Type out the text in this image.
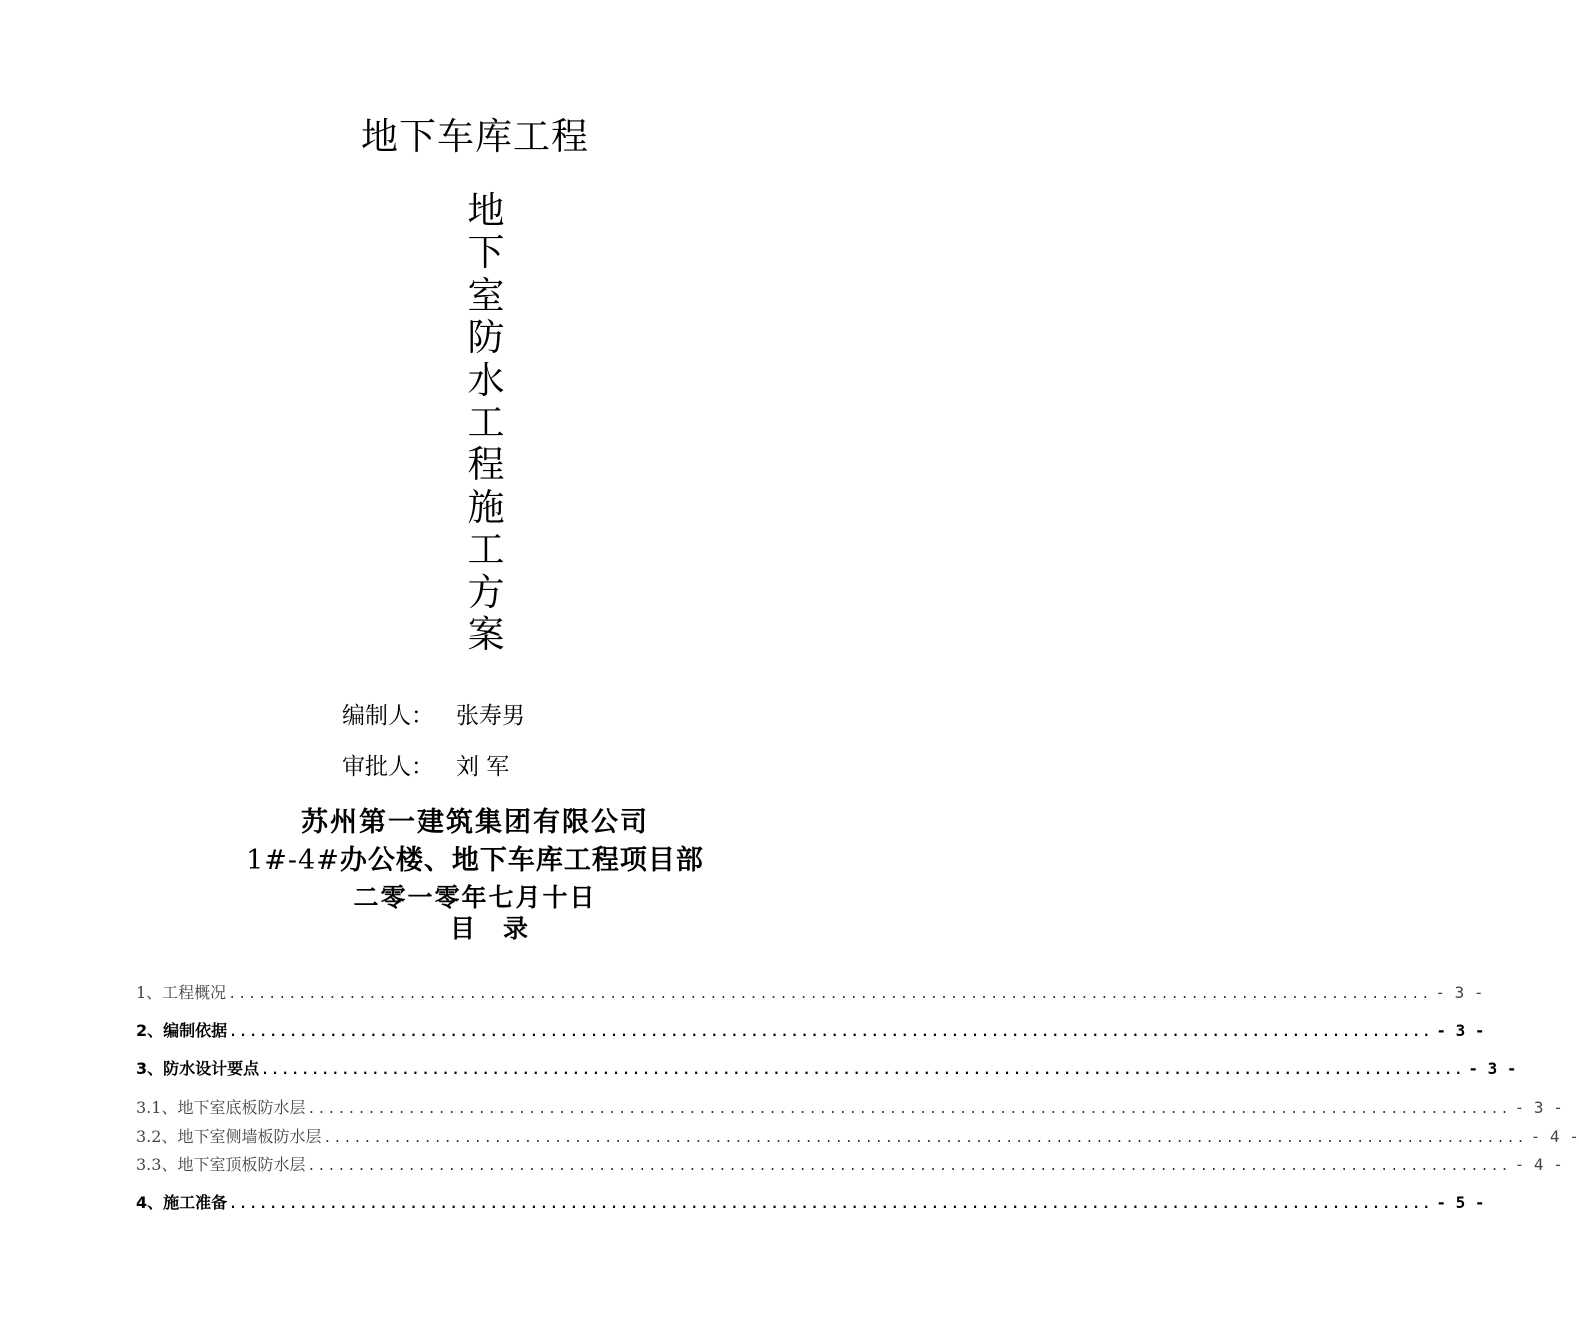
地下车库工程
地
下
室
防
水
工
程
施
工
方
案
编制人： 张寿男
审批人： 刘 军
苏州第一建筑集团有限公司
1#-4#办公楼、地下车库工程项目部
二零一零年七月十日
目录
1、工程概况 ........................................................................................................................ - 3 -
2、编制依据 ........................................................................................................................ - 3 -
3、防水设计要点 ........................................................................................................................ - 3 -
3.1、地下室底板防水层 ........................................................................................................................ - 3 -
3.2、地下室侧墙板防水层 ........................................................................................................................ - 4 -
3.3、地下室顶板防水层 ........................................................................................................................ - 4 -
4、施工准备 ........................................................................................................................ - 5 -
